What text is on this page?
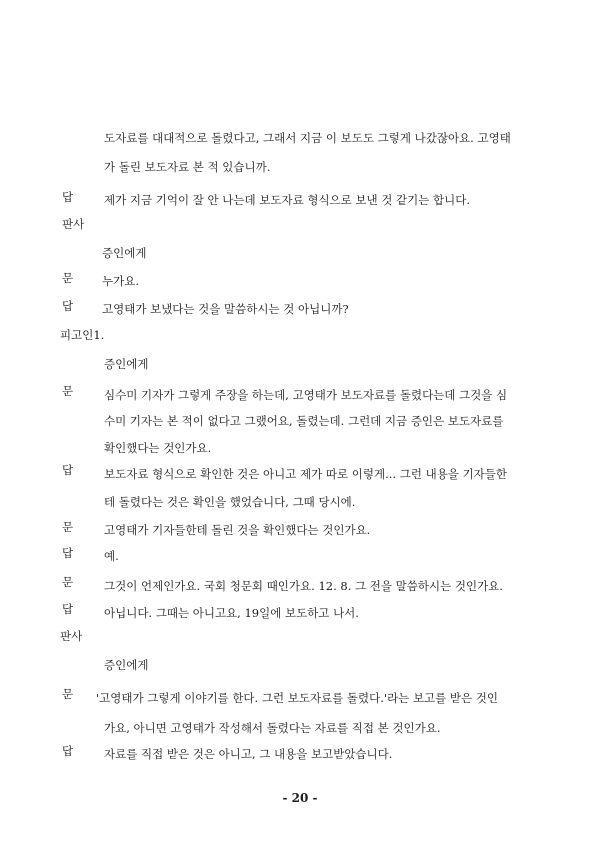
도자료를 대대적으로 돌렸다고, 그래서 지금 이 보도도 그렇게 나갔잖아요. 고영태
가 돌린 보도자료 본 적 있습니까.
답	제가 지금 기억이 잘 안 나는데 보도자료 형식으로 보낸 것 같기는 합니다.
판사
증인에게
문	누가요.
답	고영태가 보냈다는 것을 말씀하시는 것 아닙니까?
피고인1.
증인에게
문	심수미 기자가 그렇게 주장을 하는데, 고영태가 보도자료를 돌렸다는데 그것을 심
수미 기자는 본 적이 없다고 그랬어요, 돌렸는데. 그런데 지금 증인은 보도자료를
확인했다는 것인가요.
답	보도자료 형식으로 확인한 것은 아니고 제가 따로 이렇게... 그런 내용을 기자들한
테 돌렸다는 것은 확인을 했었습니다, 그때 당시에.
문	고영태가 기자들한테 돌린 것을 확인했다는 것인가요.
답	예.
문	그것이 언제인가요. 국회 청문회 때인가요. 12. 8. 그 전을 말씀하시는 것인가요.
답	아닙니다. 그때는 아니고요, 19일에 보도하고 나서.
판사
증인에게
문 '고영태가 그렇게 이야기를 한다. 그런 보도자료를 돌렸다.'라는 보고를 받은 것인
가요, 아니면 고영태가 작성해서 돌렸다는 자료를 직접 본 것인가요.
답	자료를 직접 받은 것은 아니고, 그 내용을 보고받았습니다.
- 20 -
